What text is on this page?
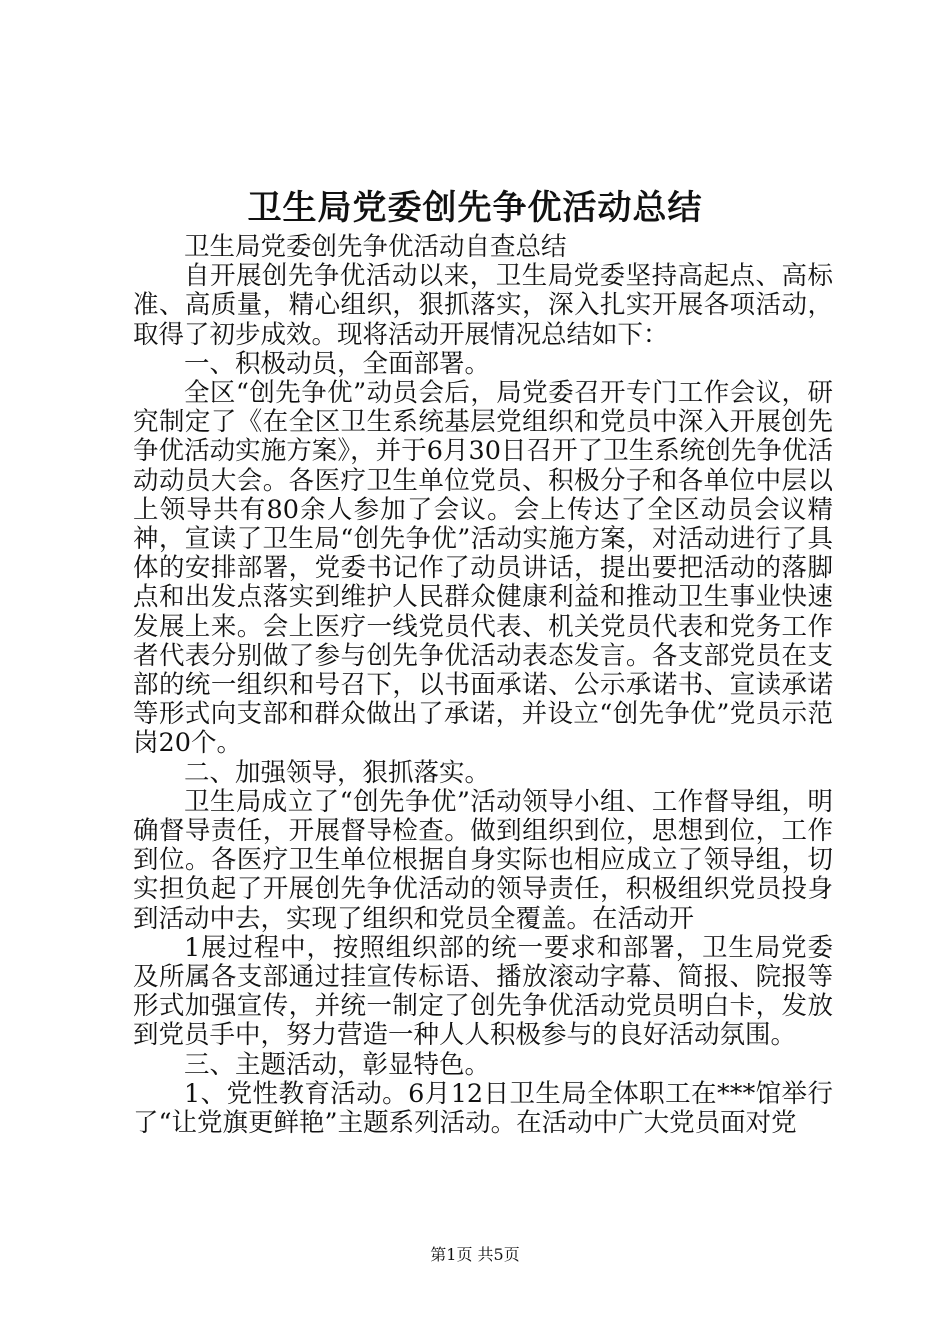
卫生局党委创先争优活动总结

卫生局党委创先争优活动自查总结

自开展创先争优活动以来，卫生局党委坚持高起点、高标准、高质量，精心组织，狠抓落实，深入扎实开展各项活动，取得了初步成效。现将活动开展情况总结如下：

一、积极动员，全面部署。

全区“创先争优”动员会后，局党委召开专门工作会议，研究制定了《在全区卫生系统基层党组织和党员中深入开展创先争优活动实施方案》，并于6月30日召开了卫生系统创先争优活动动员大会。各医疗卫生单位党员、积极分子和各单位中层以上领导共有80余人参加了会议。会上传达了全区动员会议精神，宣读了卫生局“创先争优”活动实施方案，对活动进行了具体的安排部署，党委书记作了动员讲话，提出要把活动的落脚点和出发点落实到维护人民群众健康利益和推动卫生事业快速发展上来。会上医疗一线党员代表、机关党员代表和党务工作者代表分别做了参与创先争优活动表态发言。各支部党员在支部的统一组织和号召下，以书面承诺、公示承诺书、宣读承诺等形式向支部和群众做出了承诺，并设立“创先争优”党员示范岗20个。

二、加强领导，狠抓落实。

卫生局成立了“创先争优”活动领导小组、工作督导组，明确督导责任，开展督导检查。做到组织到位，思想到位，工作到位。各医疗卫生单位根据自身实际也相应成立了领导组，切实担负起了开展创先争优活动的领导责任，积极组织党员投身到活动中去，实现了组织和党员全覆盖。在活动开

1展过程中，按照组织部的统一要求和部署，卫生局党委及所属各支部通过挂宣传标语、播放滚动字幕、简报、院报等形式加强宣传，并统一制定了创先争优活动党员明白卡，发放到党员手中，努力营造一种人人积极参与的良好活动氛围。

三、主题活动，彰显特色。

1、党性教育活动。6月12日卫生局全体职工在***馆举行了“让党旗更鲜艳”主题系列活动。在活动中广大党员面对党

第1页 共5页
